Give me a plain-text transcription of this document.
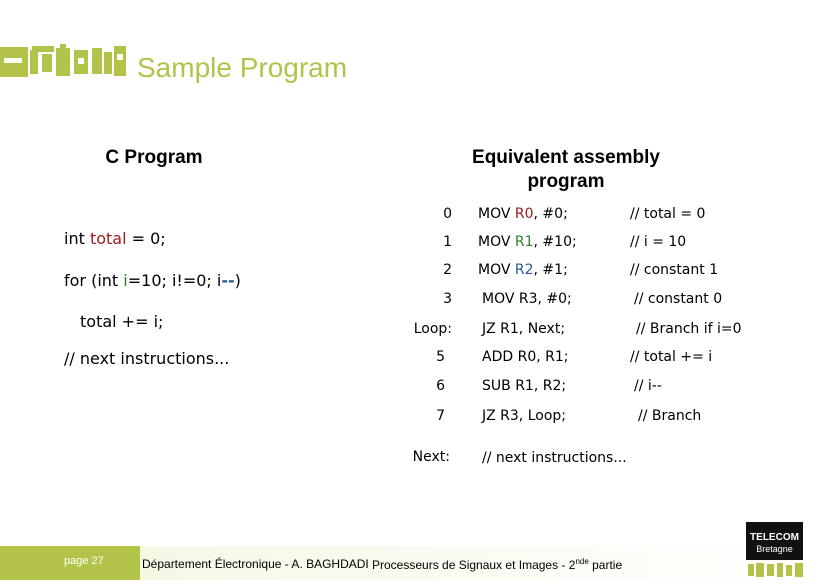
Sample Program
C Program
int total = 0;
for (int i=10; i!=0; i--)
total += i;
// next instructions...
Equivalent assembly
program
0 MOV R0, #0;	// total = 0
1 MOV R1, #10;	// i = 10
2 MOV R2, #1;	// constant 1
3 MOV R3, #0;	// constant 0
Loop: JZ R1, Next;	// Branch if i=0
5	ADD R0, R1;	// total += i
6	SUB R1, R2;	// i--
7	JZ R3, Loop;	// Branch
Next: // next instructions...
page 27	Département Électronique - A. BAGHDADI Processeurs de Signaux et Images - 2nde partie
TELECOM
Bretagne
